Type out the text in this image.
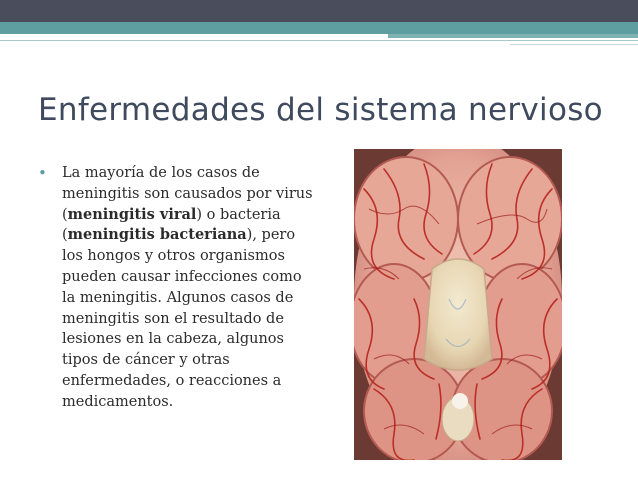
Enfermedades del sistema nervioso
• La mayoría de los casos de meningitis son causados por virus (meningitis viral) o bacteria (meningitis bacteriana), pero los hongos y otros organismos pueden causar infecciones como la meningitis. Algunos casos de meningitis son el resultado de lesiones en la cabeza, algunos tipos de cáncer y otras enfermedades, o reacciones a medicamentos.
